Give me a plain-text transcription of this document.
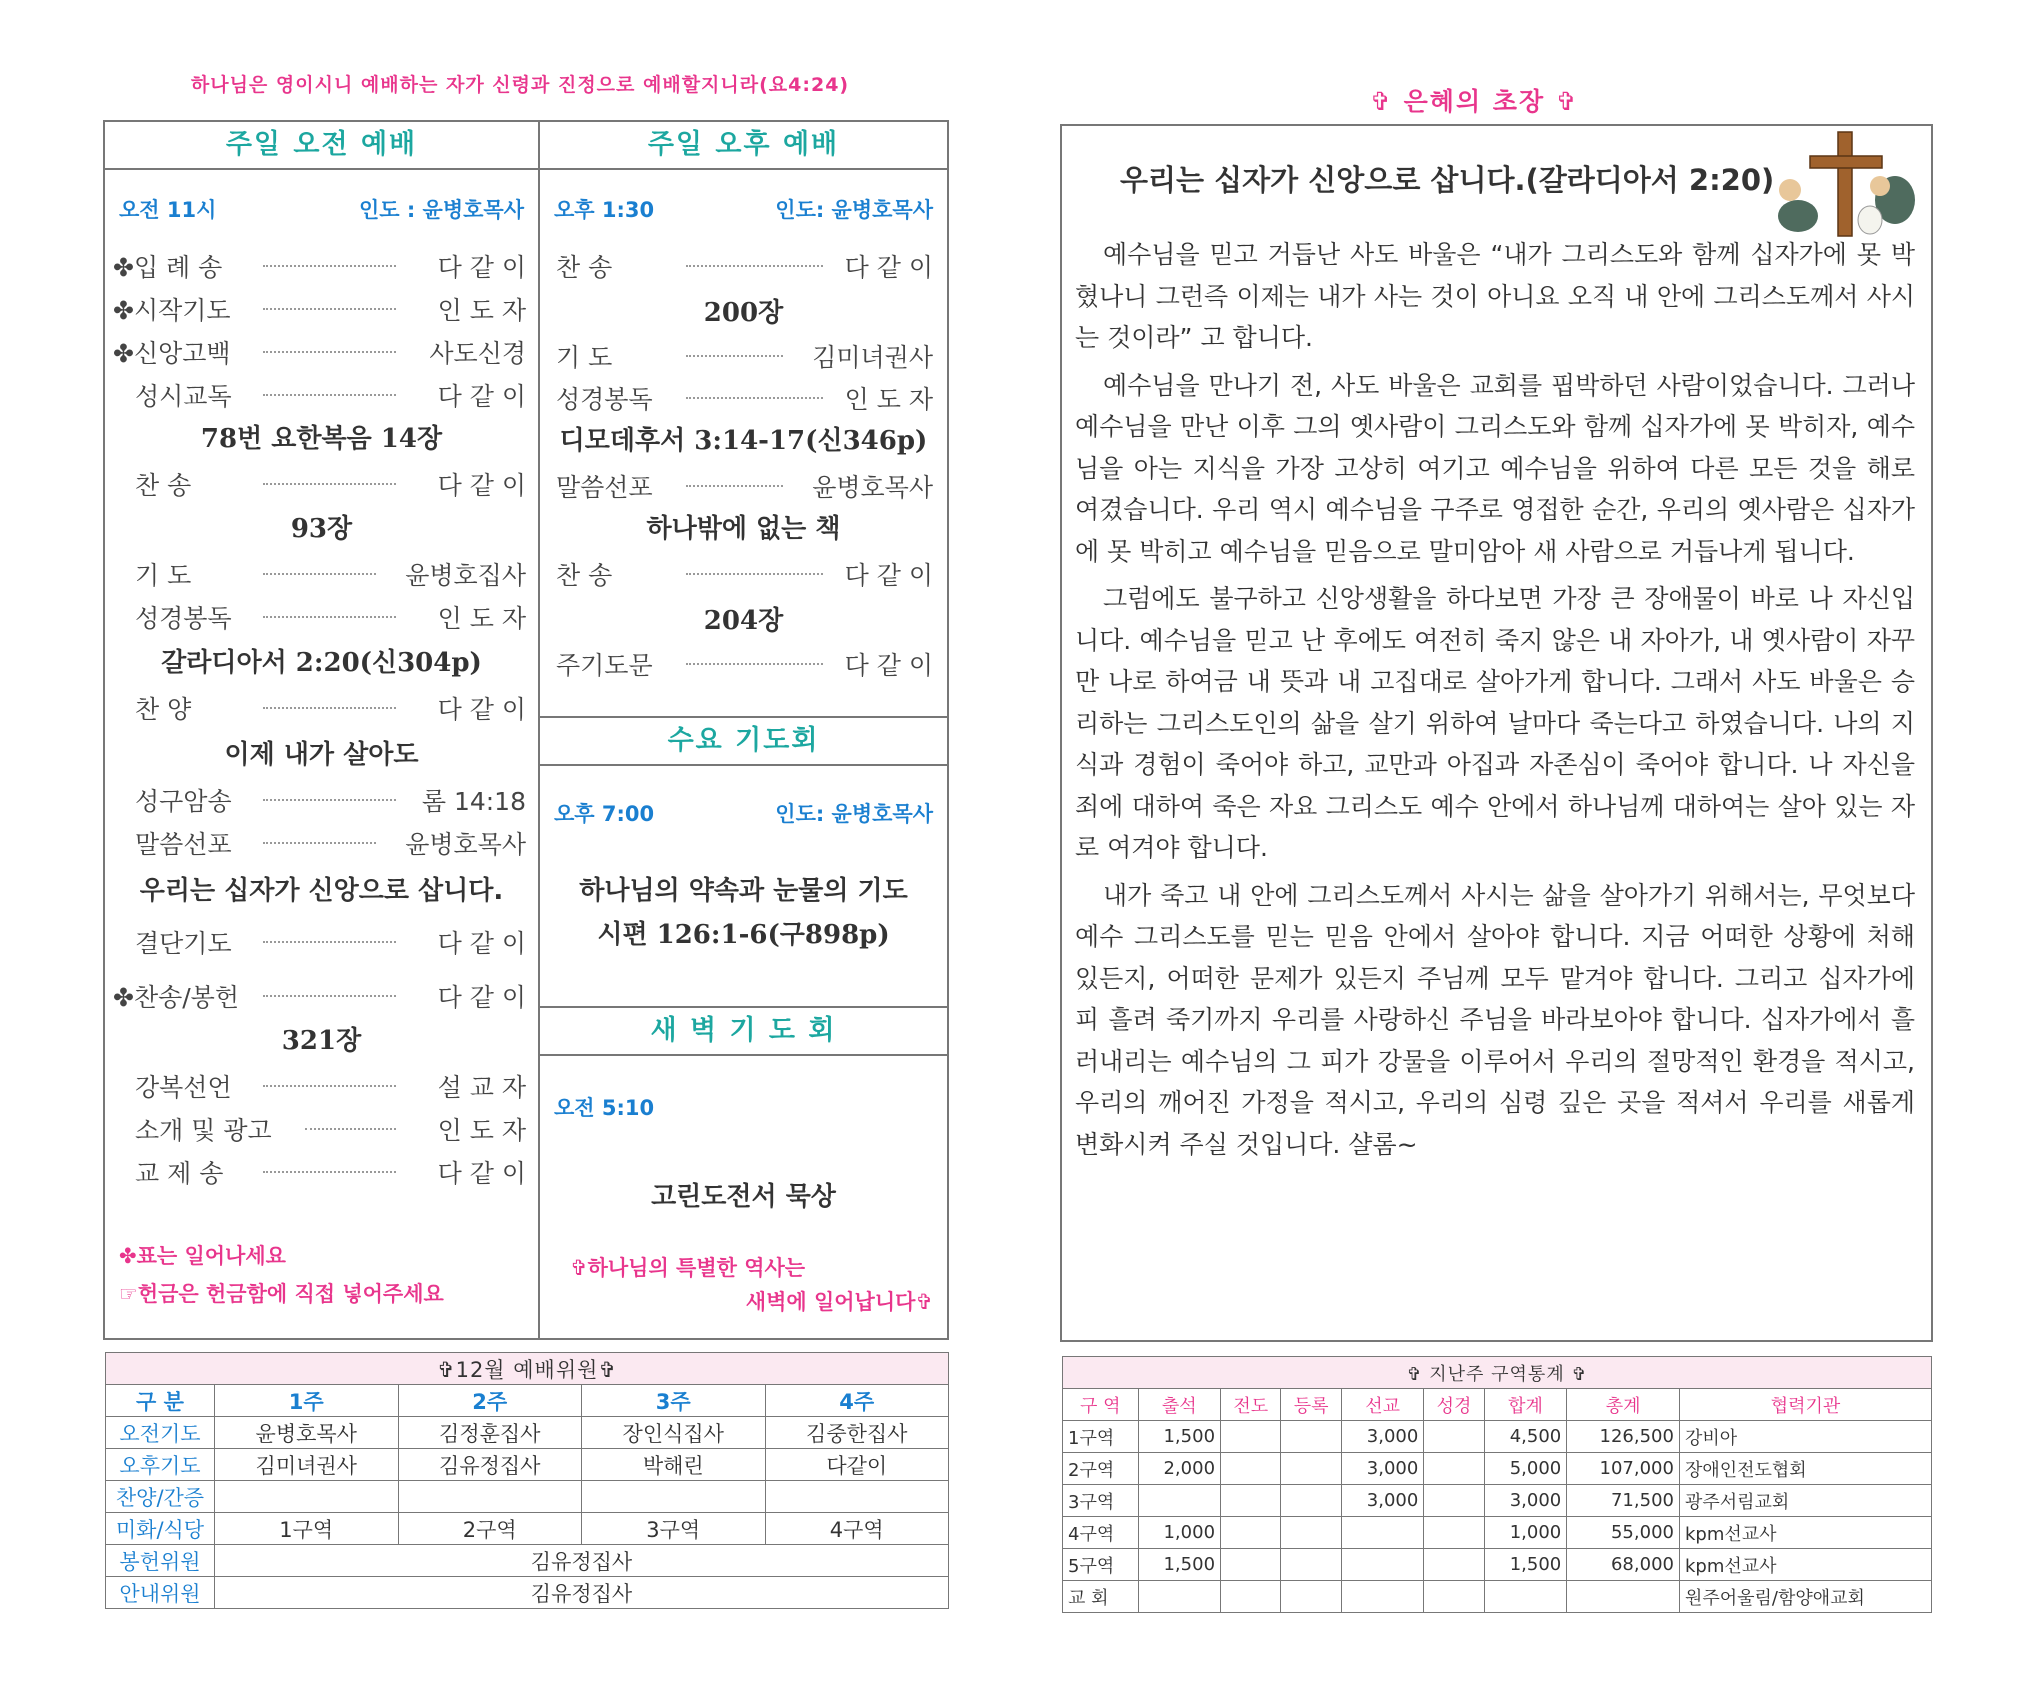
하나님은 영이시니 예배하는 자가 신령과 진정으로 예배할지니라(요4:24)
주일 오전 예배
오전 11시	인도 : 윤병호목사
✤입 례 송	다 같 이
✤시작기도	인 도 자
✤신앙고백	사도신경
성시교독	다 같 이
78번 요한복음 14장
찬 송	다 같 이
93장
기 도	윤병호집사
성경봉독	인 도 자
갈라디아서 2:20(신304p)
찬 양	다 같 이
이제 내가 살아도
성구암송	롬 14:18
말씀선포	윤병호목사
우리는 십자가 신앙으로 삽니다.
결단기도	다 같 이
✤찬송/봉헌	다 같 이
321장
강복선언	설 교 자
소개 및 광고	인 도 자
교 제 송	다 같 이
✤표는 일어나세요
☞헌금은 헌금함에 직접 넣어주세요
주일 오후 예배
오후 1:30	인도: 윤병호목사
찬 송	다 같 이
200장
기 도	김미녀권사
성경봉독	인 도 자
디모데후서 3:14-17(신346p)
말씀선포	윤병호목사
하나밖에 없는 책
찬 송	다 같 이
204장
주기도문	다 같 이
수요 기도회
오후 7:00	인도: 윤병호목사
하나님의 약속과 눈물의 기도
시편 126:1-6(구898p)
새 벽 기 도 회
오전 5:10
고린도전서 묵상
✞하나님의 특별한 역사는
새벽에 일어납니다✞
✞12월 예배위원✞				
구 분	1주	2주	3주	4주
오전기도	윤병호목사	김정훈집사	장인식집사	김중한집사
오후기도	김미녀권사	김유정집사	박해린	다같이
찬양/간증				
미화/식당	1구역	2구역	3구역	4구역
봉헌위원	김유정집사			
안내위원	김유정집사			
✞ 은혜의 초장 ✞
우리는 십자가 신앙으로 삽니다.(갈라디아서 2:20)

예수님을 믿고 거듭난 사도 바울은 “내가 그리스도와 함께 십자가에 못 박혔나니 그런즉 이제는 내가 사는 것이 아니요 오직 내 안에 그리스도께서 사시는 것이라” 고 합니다.

예수님을 만나기 전, 사도 바울은 교회를 핍박하던 사람이었습니다. 그러나 예수님을 만난 이후 그의 옛사람이 그리스도와 함께 십자가에 못 박히자, 예수님을 아는 지식을 가장 고상히 여기고 예수님을 위하여 다른 모든 것을 해로 여겼습니다. 우리 역시 예수님을 구주로 영접한 순간, 우리의 옛사람은 십자가에 못 박히고 예수님을 믿음으로 말미암아 새 사람으로 거듭나게 됩니다.

그럼에도 불구하고 신앙생활을 하다보면 가장 큰 장애물이 바로 나 자신입니다. 예수님을 믿고 난 후에도 여전히 죽지 않은 내 자아가, 내 옛사람이 자꾸만 나로 하여금 내 뜻과 내 고집대로 살아가게 합니다. 그래서 사도 바울은 승리하는 그리스도인의 삶을 살기 위하여 날마다 죽는다고 하였습니다. 나의 지식과 경험이 죽어야 하고, 교만과 아집과 자존심이 죽어야 합니다. 나 자신을 죄에 대하여 죽은 자요 그리스도 예수 안에서 하나님께 대하여는 살아 있는 자로 여겨야 합니다.

내가 죽고 내 안에 그리스도께서 사시는 삶을 살아가기 위해서는, 무엇보다 예수 그리스도를 믿는 믿음 안에서 살아야 합니다. 지금 어떠한 상황에 처해 있든지, 어떠한 문제가 있든지 주님께 모두 맡겨야 합니다. 그리고 십자가에 피 흘려 죽기까지 우리를 사랑하신 주님을 바라보아야 합니다. 십자가에서 흘러내리는 예수님의 그 피가 강물을 이루어서 우리의 절망적인 환경을 적시고, 우리의 깨어진 가정을 적시고, 우리의 심령 깊은 곳을 적셔서 우리를 새롭게 변화시켜 주실 것입니다. 샬롬~

✞ 지난주 구역통계 ✞								
구 역	출석	전도	등록	선교	성경	합계	총계	협력기관
1구역	1,500			3,000		4,500	126,500	강비아
2구역	2,000			3,000		5,000	107,000	장애인전도협회
3구역				3,000		3,000	71,500	광주서림교회
4구역	1,000					1,000	55,000	kpm선교사
5구역	1,500					1,500	68,000	kpm선교사
교 회								원주어울림/함양애교회
